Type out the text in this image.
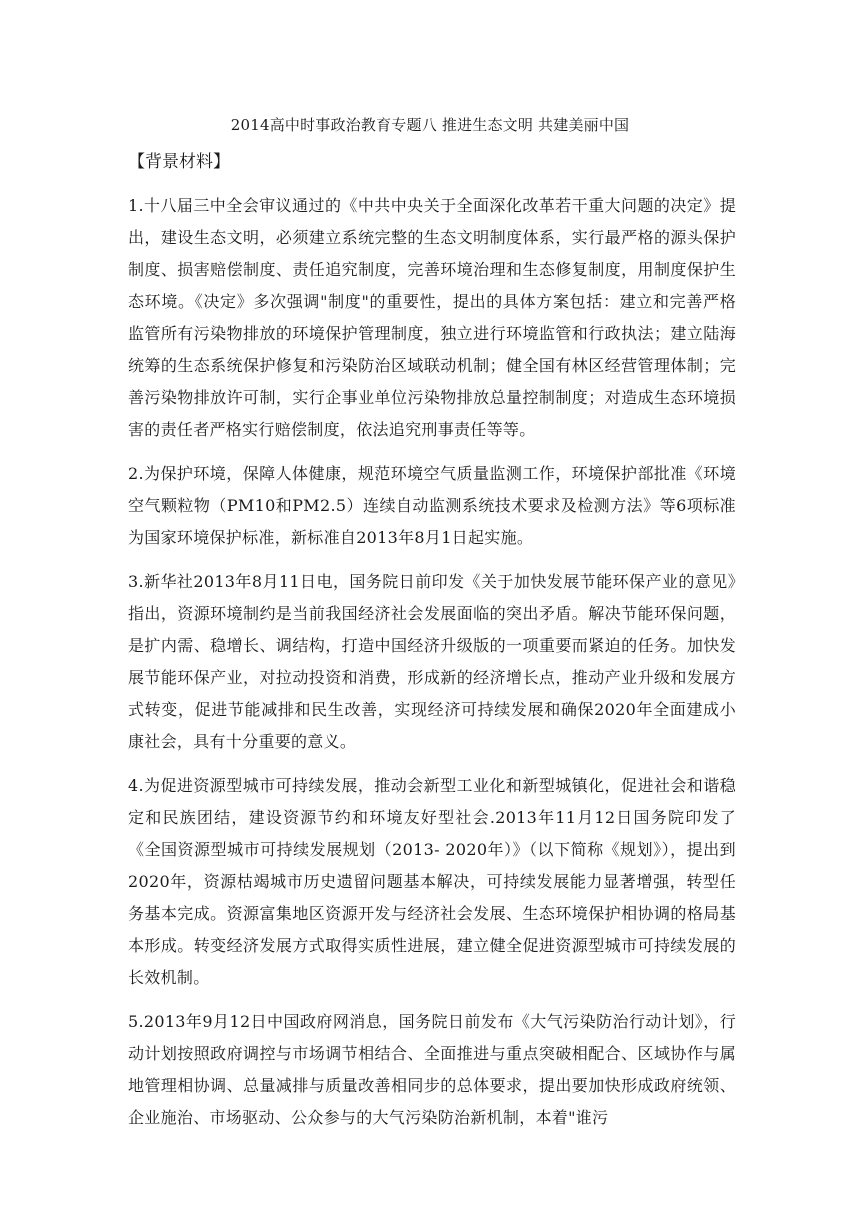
2014高中时事政治教育专题八 推进生态文明 共建美丽中国
【背景材料】

1.十八届三中全会审议通过的《中共中央关于全面深化改革若干重大问题的决定》提出，建设生态文明，必须建立系统完整的生态文明制度体系，实行最严格的源头保护制度、损害赔偿制度、责任追究制度，完善环境治理和生态修复制度，用制度保护生态环境。《决定》多次强调"制度"的重要性，提出的具体方案包括：建立和完善严格监管所有污染物排放的环境保护管理制度，独立进行环境监管和行政执法；建立陆海统筹的生态系统保护修复和污染防治区域联动机制；健全国有林区经营管理体制；完善污染物排放许可制，实行企事业单位污染物排放总量控制制度；对造成生态环境损害的责任者严格实行赔偿制度，依法追究刑事责任等等。

2.为保护环境，保障人体健康，规范环境空气质量监测工作，环境保护部批准《环境空气颗粒物（PM10和PM2.5）连续自动监测系统技术要求及检测方法》等6项标准为国家环境保护标准，新标准自2013年8月1日起实施。

3.新华社2013年8月11日电，国务院日前印发《关于加快发展节能环保产业的意见》指出，资源环境制约是当前我国经济社会发展面临的突出矛盾。解决节能环保问题，是扩内需、稳增长、调结构，打造中国经济升级版的一项重要而紧迫的任务。加快发展节能环保产业，对拉动投资和消费，形成新的经济增长点，推动产业升级和发展方式转变，促进节能减排和民生改善，实现经济可持续发展和确保2020年全面建成小康社会，具有十分重要的意义。

4.为促进资源型城市可持续发展，推动会新型工业化和新型城镇化，促进社会和谐稳定和民族团结，建设资源节约和环境友好型社会.2013年11月12日国务院印发了《全国资源型城市可持续发展规划（2013- 2020年）》（以下简称《规划》），提出到2020年，资源枯竭城市历史遗留问题基本解决，可持续发展能力显著增强，转型任务基本完成。资源富集地区资源开发与经济社会发展、生态环境保护相协调的格局基本形成。转变经济发展方式取得实质性进展，建立健全促进资源型城市可持续发展的长效机制。

5.2013年9月12日中国政府网消息，国务院日前发布《大气污染防治行动计划》，行动计划按照政府调控与市场调节相结合、全面推进与重点突破相配合、区域协作与属地管理相协调、总量减排与质量改善相同步的总体要求，提出要加快形成政府统领、企业施治、市场驱动、公众参与的大气污染防治新机制，本着"谁污
